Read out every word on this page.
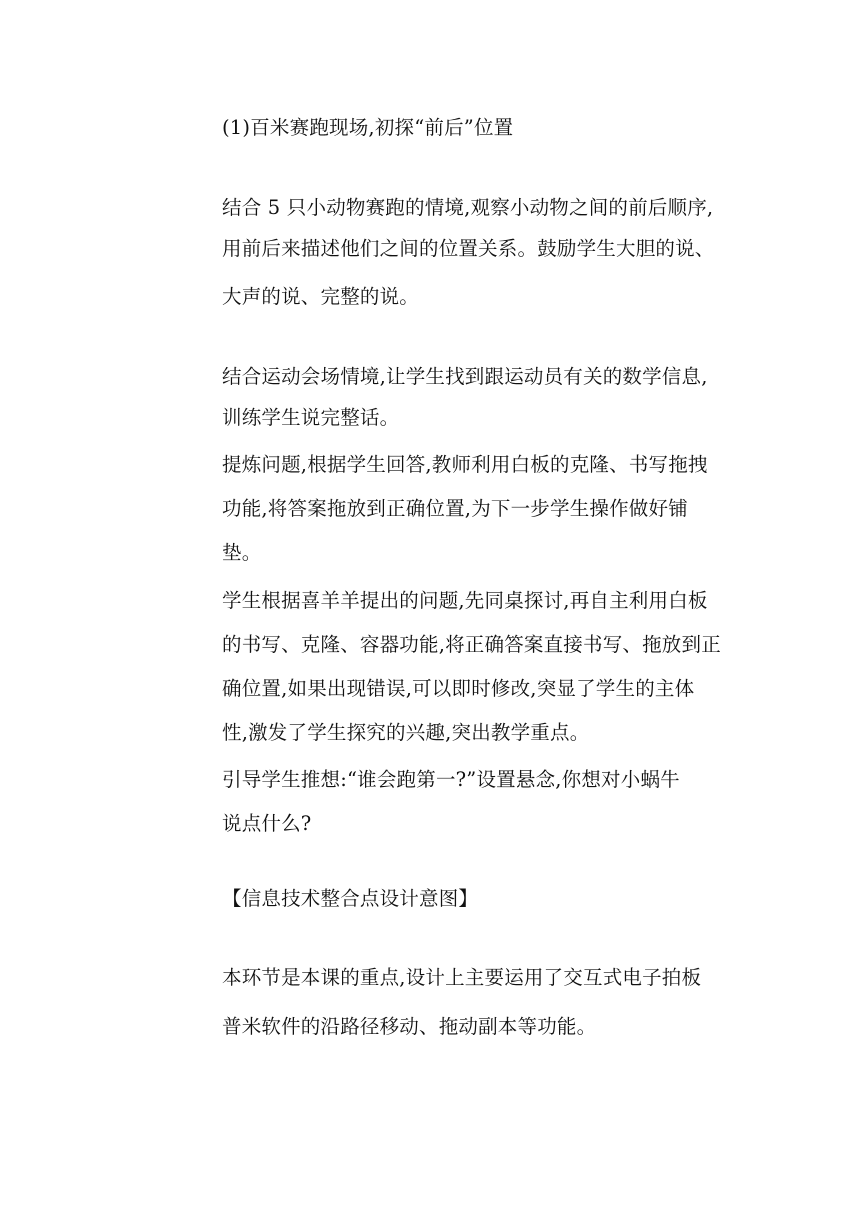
(1)百米赛跑现场,初探“前后”位置
结合 5 只小动物赛跑的情境,观察小动物之间的前后顺序,
用前后来描述他们之间的位置关系。鼓励学生大胆的说、
大声的说、完整的说。
结合运动会场情境,让学生找到跟运动员有关的数学信息,
训练学生说完整话。
提炼问题,根据学生回答,教师利用白板的克隆、书写拖拽
功能,将答案拖放到正确位置,为下一步学生操作做好铺
垫。
学生根据喜羊羊提出的问题,先同桌探讨,再自主利用白板
的书写、克隆、容器功能,将正确答案直接书写、拖放到正
确位置,如果出现错误,可以即时修改,突显了学生的主体
性,激发了学生探究的兴趣,突出教学重点。
引导学生推想:“谁会跑第一?”设置悬念,你想对小蜗牛
说点什么?
【信息技术整合点设计意图】
本环节是本课的重点,设计上主要运用了交互式电子拍板
普米软件的沿路径移动、拖动副本等功能。
